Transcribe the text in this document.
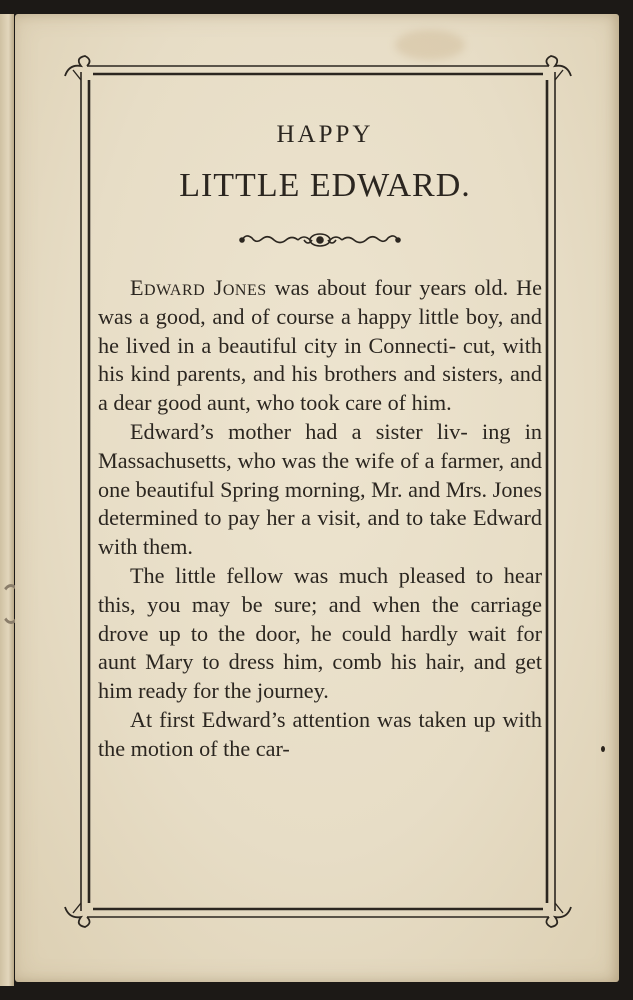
HAPPY
LITTLE EDWARD.

Edward Jones was about four years old. He was a good, and of course a happy little boy, and he lived in a beautiful city in Connecti- cut, with his kind parents, and his brothers and sisters, and a dear good aunt, who took care of him.

Edward’s mother had a sister liv- ing in Massachusetts, who was the wife of a farmer, and one beautiful Spring morning, Mr. and Mrs. Jones determined to pay her a visit, and to take Edward with them.

The little fellow was much pleased to hear this, you may be sure; and when the carriage drove up to the door, he could hardly wait for aunt Mary to dress him, comb his hair, and get him ready for the journey.

At first Edward’s attention was taken up with the motion of the car-
